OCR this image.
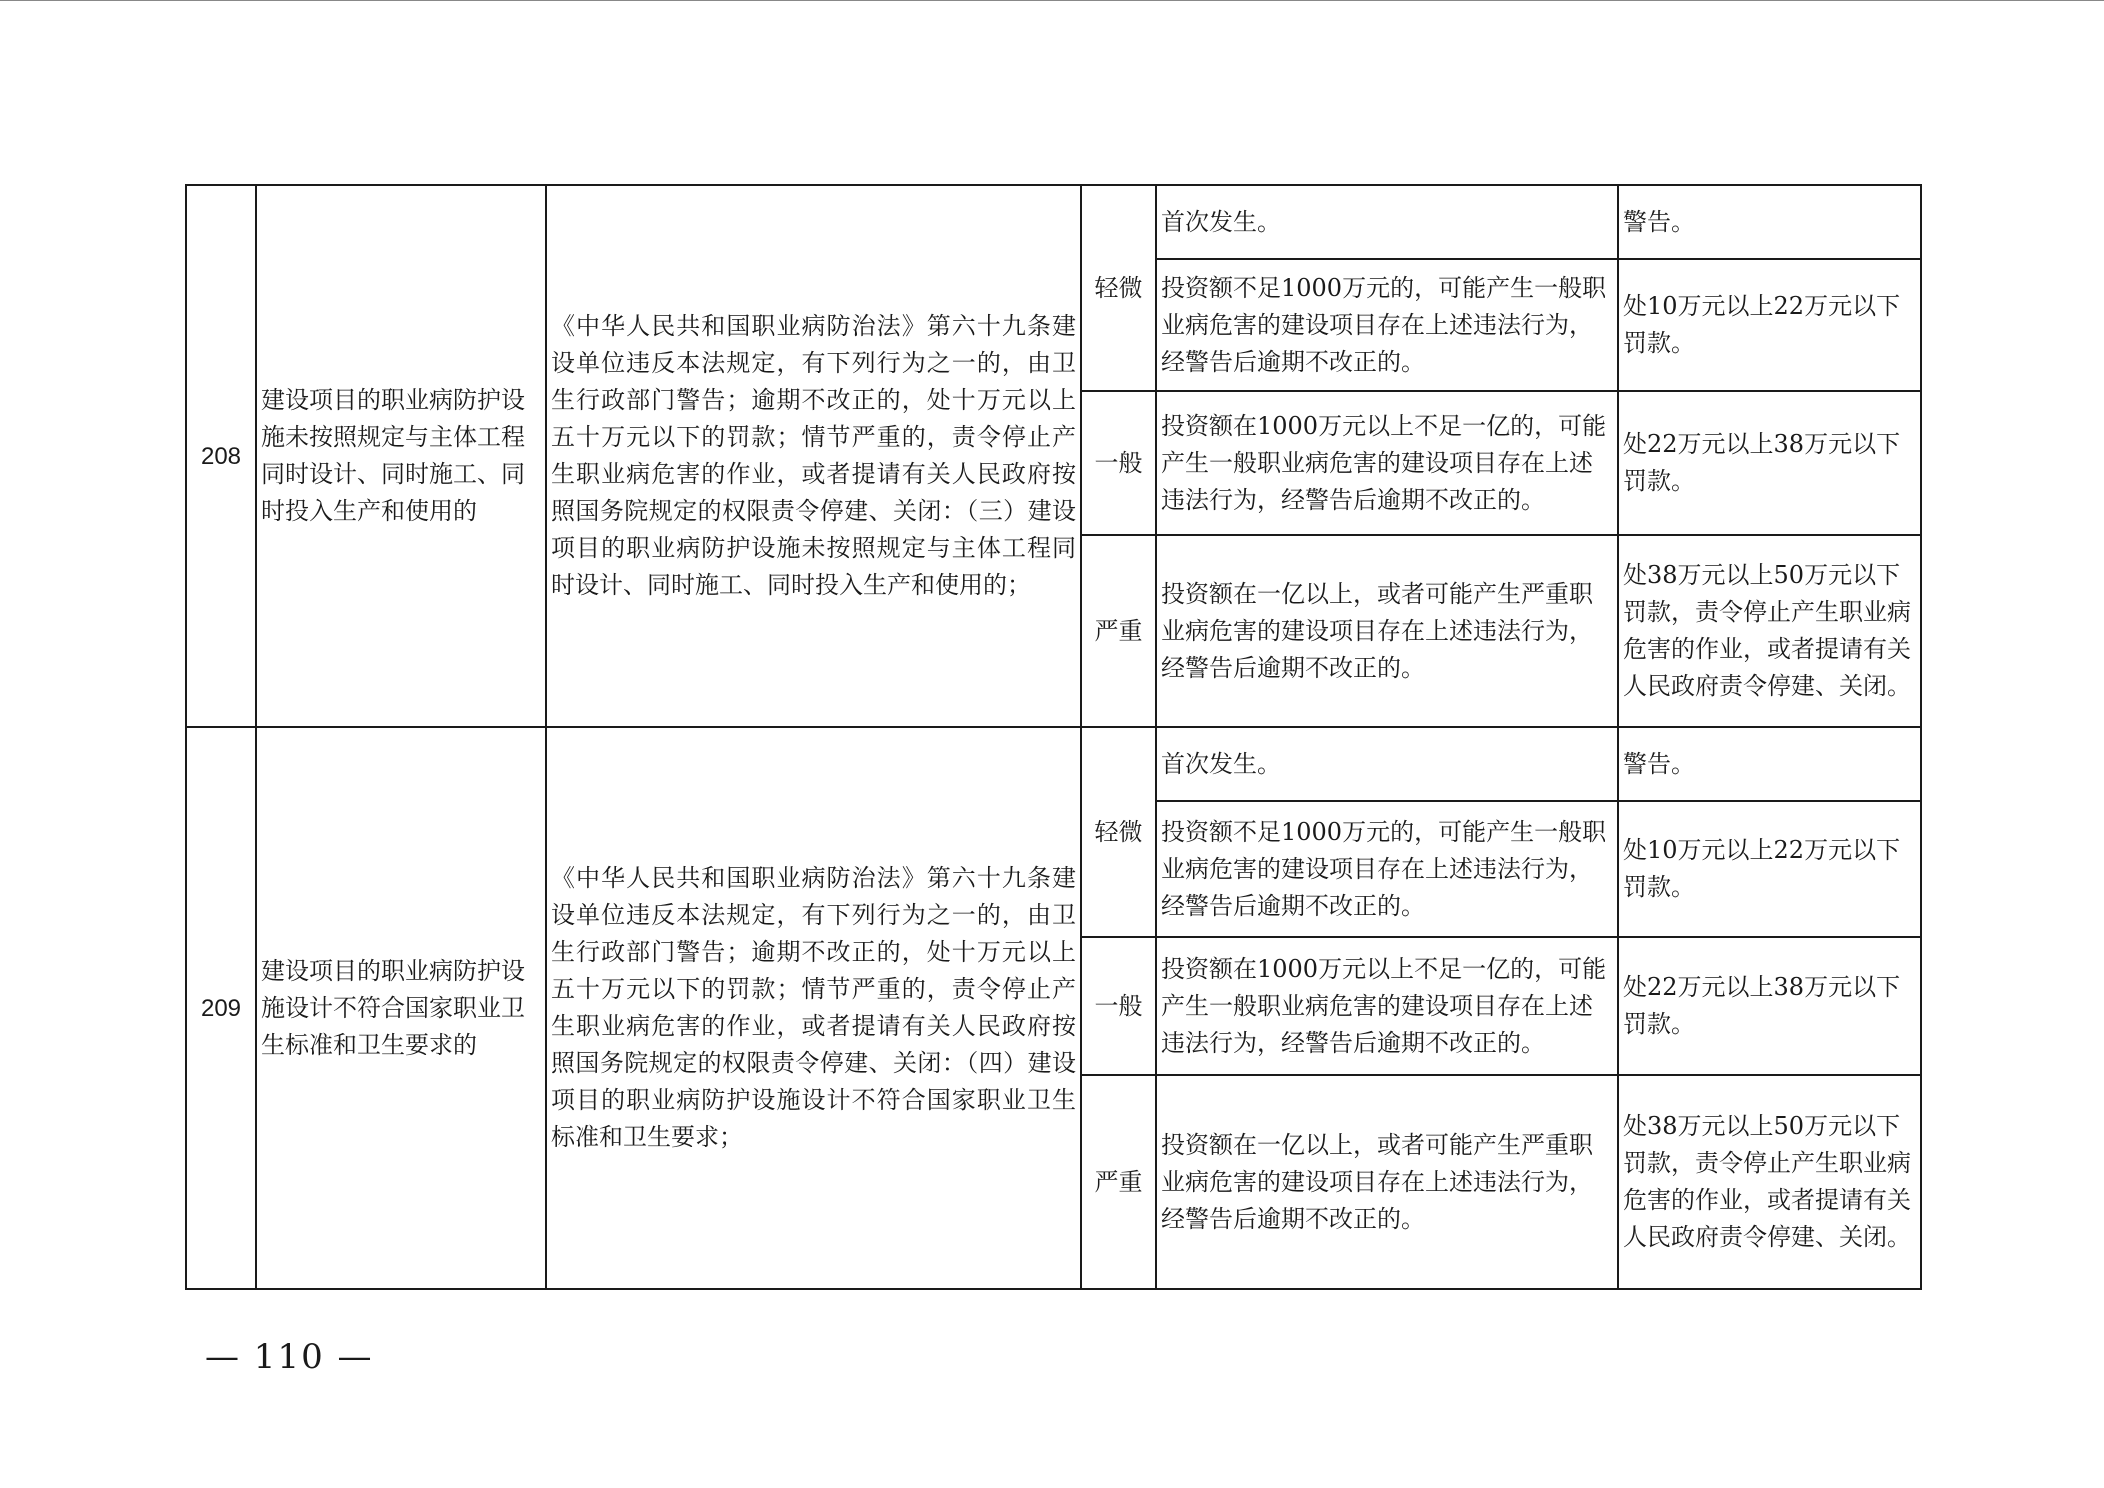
208	建设项目的职业病防护设施未按照规定与主体工程同时设计、同时施工、同时投入生产和使用的	《中华人民共和国职业病防治法》第六十九条建设单位违反本法规定，有下列行为之一的，由卫生行政部门警告；逾期不改正的，处十万元以上五十万元以下的罚款；情节严重的，责令停止产生职业病危害的作业，或者提请有关人民政府按照国务院规定的权限责令停建、关闭：（三）建设项目的职业病防护设施未按照规定与主体工程同时设计、同时施工、同时投入生产和使用的；	轻微	首次发生。	警告。
				投资额不足1000万元的，可能产生一般职业病危害的建设项目存在上述违法行为，经警告后逾期不改正的。	处10万元以上22万元以下罚款。
			一般	投资额在1000万元以上不足一亿的，可能产生一般职业病危害的建设项目存在上述违法行为，经警告后逾期不改正的。	处22万元以上38万元以下罚款。
			严重	投资额在一亿以上，或者可能产生严重职业病危害的建设项目存在上述违法行为，经警告后逾期不改正的。	处38万元以上50万元以下罚款，责令停止产生职业病危害的作业，或者提请有关人民政府责令停建、关闭。

209	建设项目的职业病防护设施设计不符合国家职业卫生标准和卫生要求的	《中华人民共和国职业病防治法》第六十九条建设单位违反本法规定，有下列行为之一的，由卫生行政部门警告；逾期不改正的，处十万元以上五十万元以下的罚款；情节严重的，责令停止产生职业病危害的作业，或者提请有关人民政府按照国务院规定的权限责令停建、关闭：（四）建设项目的职业病防护设施设计不符合国家职业卫生标准和卫生要求；	轻微	首次发生。	警告。
				投资额不足1000万元的，可能产生一般职业病危害的建设项目存在上述违法行为，经警告后逾期不改正的。	处10万元以上22万元以下罚款。
			一般	投资额在1000万元以上不足一亿的，可能产生一般职业病危害的建设项目存在上述违法行为，经警告后逾期不改正的。	处22万元以上38万元以下罚款。
			严重	投资额在一亿以上，或者可能产生严重职业病危害的建设项目存在上述违法行为，经警告后逾期不改正的。	处38万元以上50万元以下罚款，责令停止产生职业病危害的作业，或者提请有关人民政府责令停建、关闭。

— 110 —
